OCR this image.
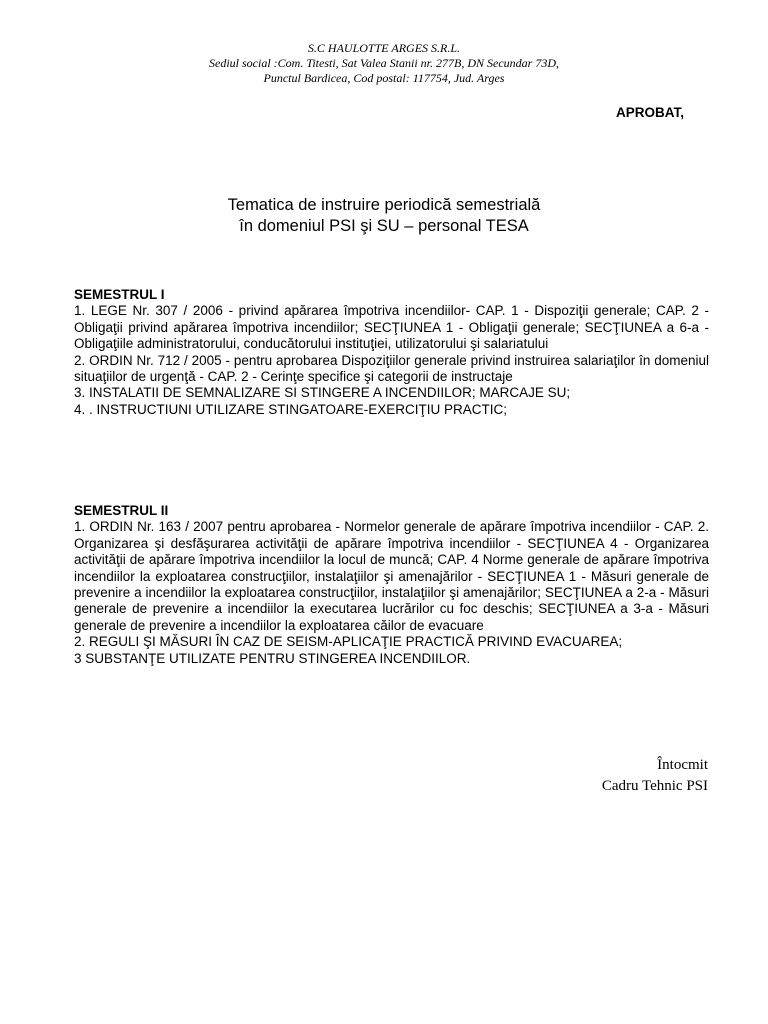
S.C HAULOTTE ARGES S.R.L.
Sediul social :Com. Titesti, Sat Valea Stanii nr. 277B, DN Secundar 73D,
Punctul Bardicea, Cod postal: 117754, Jud. Arges
APROBAT,
Tematica de instruire periodică semestrială
în domeniul PSI şi SU – personal TESA
SEMESTRUL I
1. LEGE Nr. 307 / 2006 - privind apărarea împotriva incendiilor- CAP. 1 - Dispoziţii generale; CAP. 2 - Obligaţii privind apărarea împotriva incendiilor; SECŢIUNEA 1 - Obligaţii generale; SECŢIUNEA a 6-a - Obligaţiile administratorului, conducătorului instituţiei, utilizatorului şi salariatului
2. ORDIN Nr. 712 / 2005 - pentru aprobarea Dispoziţiilor generale privind instruirea salariaţilor în domeniul situaţiilor de urgenţă - CAP. 2 - Cerinţe specifice şi categorii de instructaje
3. INSTALATII DE SEMNALIZARE SI STINGERE A INCENDIILOR; MARCAJE SU;
4. . INSTRUCTIUNI UTILIZARE STINGATOARE-EXERCIŢIU PRACTIC;
SEMESTRUL II
1. ORDIN Nr. 163 / 2007 pentru aprobarea - Normelor generale de apărare împotriva incendiilor - CAP. 2. Organizarea şi desfăşurarea activităţii de apărare împotriva incendiilor - SECŢIUNEA 4 - Organizarea activităţii de apărare împotriva incendiilor la locul de muncă; CAP. 4 Norme generale de apărare împotriva incendiilor la exploatarea construcţiilor, instalaţiilor şi amenajărilor - SECŢIUNEA 1 - Măsuri generale de prevenire a incendiilor la exploatarea construcţiilor, instalaţiilor şi amenajărilor; SECŢIUNEA a 2-a - Măsuri generale de prevenire a incendiilor la executarea lucrărilor cu foc deschis; SECŢIUNEA a 3-a - Măsuri generale de prevenire a incendiilor la exploatarea căilor de evacuare
2. REGULI ŞI MĂSURI ÎN CAZ DE SEISM-APLICAŢIE PRACTICĂ PRIVIND EVACUAREA;
3 SUBSTANŢE UTILIZATE PENTRU STINGEREA INCENDIILOR.
Întocmit
Cadru Tehnic PSI
